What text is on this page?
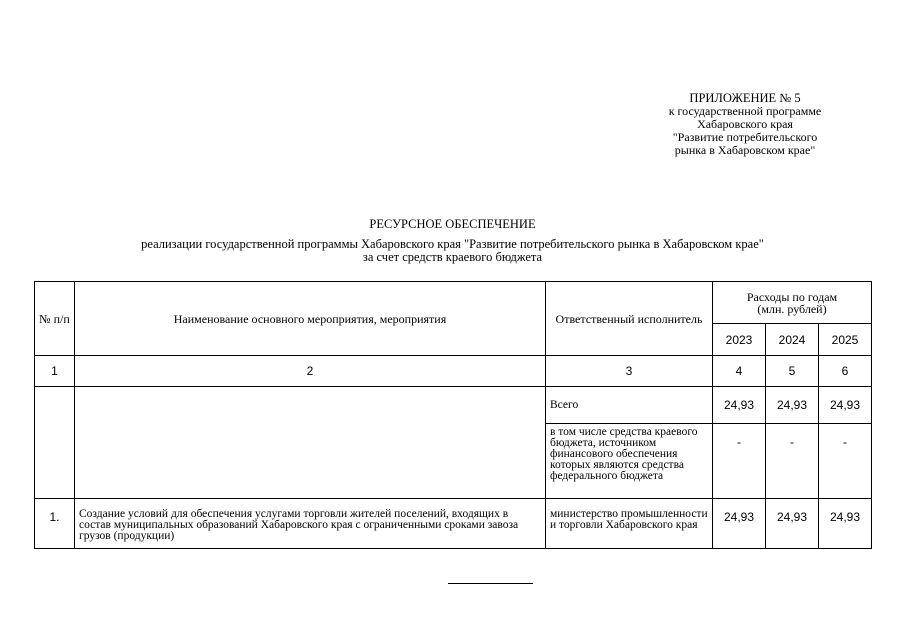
ПРИЛОЖЕНИЕ № 5
к государственной программе
Хабаровского края
"Развитие потребительского
рынка в Хабаровском крае"
РЕСУРСНОЕ ОБЕСПЕЧЕНИЕ
реализации государственной программы Хабаровского края "Развитие потребительского рынка в Хабаровском крае"
за счет средств краевого бюджета
№ п/п	Наименование основного мероприятия, мероприятия	Ответственный исполнитель	Расходы по годам (млн. рублей)		
			2023	2024	2025
1	2	3	4	5	6
		Всего	24,93	24,93	24,93
		в том числе средства краевого бюджета, источником финансового обеспечения которых являются средства федерального бюджета	-	-	-
1.	Создание условий для обеспечения услугами торговли жителей поселений, входящих в состав муниципальных образований Хабаровского края с ограниченными сроками завоза грузов (продукции)	министерство промышленности и торговли Хабаровского края	24,93	24,93	24,93
